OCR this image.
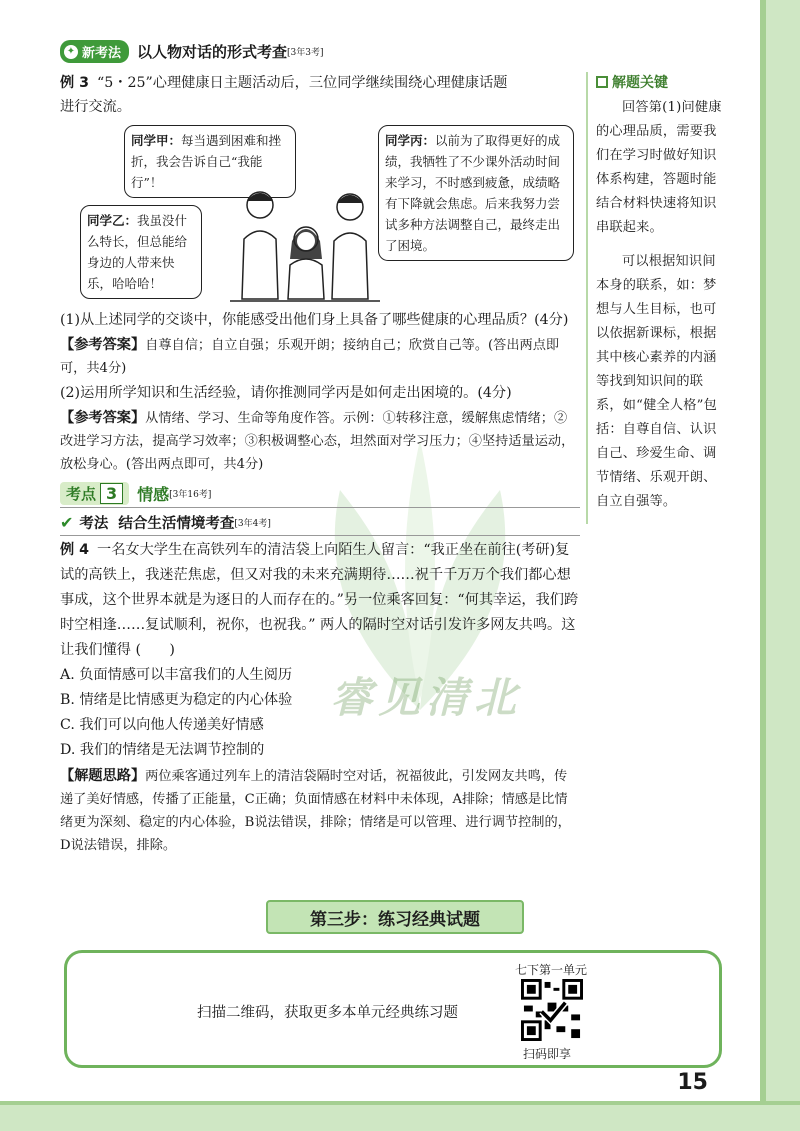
睿见清北
✦ 新考法 以人物对话的形式考查 [3年3考]
例 3 “5・25”心理健康日主题活动后，三位同学继续围绕心理健康话题
进行交流。
同学甲：每当遇到困难和挫折，我会告诉自己“我能行”！
同学乙：我虽没什么特长，但总能给身边的人带来快乐，哈哈哈！
同学丙：以前为了取得更好的成绩，我牺牲了不少课外活动时间来学习，不时感到疲惫，成绩略有下降就会焦虑。后来我努力尝试多种方法调整自己，最终走出了困境。
(1)从上述同学的交谈中，你能感受出他们身上具备了哪些健康的心理品质？(4分)
【参考答案】自尊自信；自立自强；乐观开朗；接纳自己；欣赏自己等。(答出两点即可，共4分)
(2)运用所学知识和生活经验，请你推测同学丙是如何走出困境的。(4分)
【参考答案】从情绪、学习、生命等角度作答。示例：①转移注意，缓解焦虑情绪；②改进学习方法，提高学习效率；③积极调整心态，坦然面对学习压力；④坚持适量运动，放松身心。(答出两点即可，共4分)
考点 3	情感 [3年16考]
✔ 考法 结合生活情境考查 [3年4考]
例 4 一名女大学生在高铁列车的清洁袋上向陌生人留言：“我正坐在前往(考研)复试的高铁上，我迷茫焦虑，但又对我的未来充满期待……祝千千万万个我们都心想事成，这个世界本就是为逐日的人而存在的。”另一位乘客回复：“何其幸运，我们跨时空相逢……复试顺利，祝你，也祝我。” 两人的隔时空对话引发许多网友共鸣。这让我们懂得 (　　)
A. 负面情感可以丰富我们的人生阅历
B. 情绪是比情感更为稳定的内心体验
C. 我们可以向他人传递美好情感
D. 我们的情绪是无法调节控制的
【解题思路】两位乘客通过列车上的清洁袋隔时空对话，祝福彼此，引发网友共鸣，传递了美好情感，传播了正能量，C正确；负面情感在材料中未体现，A排除；情感是比情绪更为深刻、稳定的内心体验，B说法错误，排除；情绪是可以管理、进行调节控制的，D说法错误，排除。
解题关键

回答第(1)问健康的心理品质，需要我们在学习时做好知识体系构建，答题时能结合材料快速将知识串联起来。

可以根据知识间本身的联系，如：梦想与人生目标，也可以依据新课标，根据其中核心素养的内涵等找到知识间的联系，如“健全人格”包括：自尊自信、认识自己、珍爱生命、调节情绪、乐观开朗、自立自强等。

第三步：练习经典试题
扫描二维码，获取更多本单元经典练习题
七下第一单元
扫码即享
15
